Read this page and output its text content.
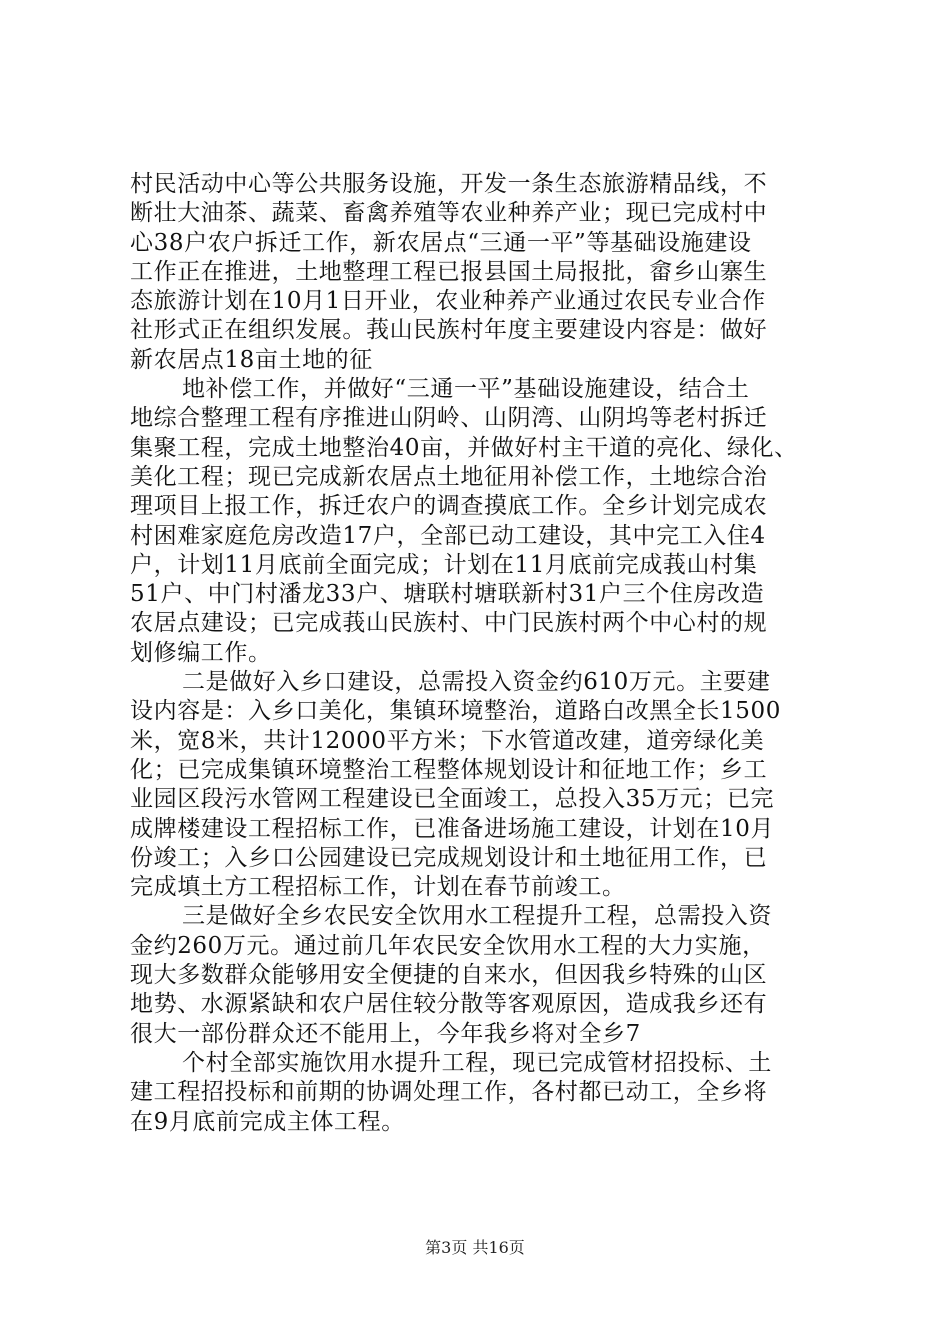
村民活动中心等公共服务设施，开发一条生态旅游精品线，不
断壮大油茶、蔬菜、畜禽养殖等农业种养产业；现已完成村中
心38户农户拆迁工作，新农居点“三通一平”等基础设施建设
工作正在推进，土地整理工程已报县国土局报批，畲乡山寨生
态旅游计划在10月1日开业，农业种养产业通过农民专业合作
社形式正在组织发展。莪山民族村年度主要建设内容是：做好
新农居点18亩土地的征
地补偿工作，并做好“三通一平”基础设施建设，结合土
地综合整理工程有序推进山阴岭、山阴湾、山阴坞等老村拆迁
集聚工程，完成土地整治40亩，并做好村主干道的亮化、绿化、
美化工程；现已完成新农居点土地征用补偿工作，土地综合治
理项目上报工作，拆迁农户的调查摸底工作。全乡计划完成农
村困难家庭危房改造17户，全部已动工建设，其中完工入住4
户，计划11月底前全面完成；计划在11月底前完成莪山村集
51户、中门村潘龙33户、塘联村塘联新村31户三个住房改造
农居点建设；已完成莪山民族村、中门民族村两个中心村的规
划修编工作。
二是做好入乡口建设，总需投入资金约610万元。主要建
设内容是：入乡口美化，集镇环境整治，道路白改黑全长1500
米，宽8米，共计12000平方米；下水管道改建，道旁绿化美
化；已完成集镇环境整治工程整体规划设计和征地工作；乡工
业园区段污水管网工程建设已全面竣工，总投入35万元；已完
成牌楼建设工程招标工作，已准备进场施工建设，计划在10月
份竣工；入乡口公园建设已完成规划设计和土地征用工作，已
完成填土方工程招标工作，计划在春节前竣工。
三是做好全乡农民安全饮用水工程提升工程，总需投入资
金约260万元。通过前几年农民安全饮用水工程的大力实施，
现大多数群众能够用安全便捷的自来水，但因我乡特殊的山区
地势、水源紧缺和农户居住较分散等客观原因，造成我乡还有
很大一部份群众还不能用上，今年我乡将对全乡7
个村全部实施饮用水提升工程，现已完成管材招投标、土
建工程招投标和前期的协调处理工作，各村都已动工，全乡将
在9月底前完成主体工程。
第3页 共16页
